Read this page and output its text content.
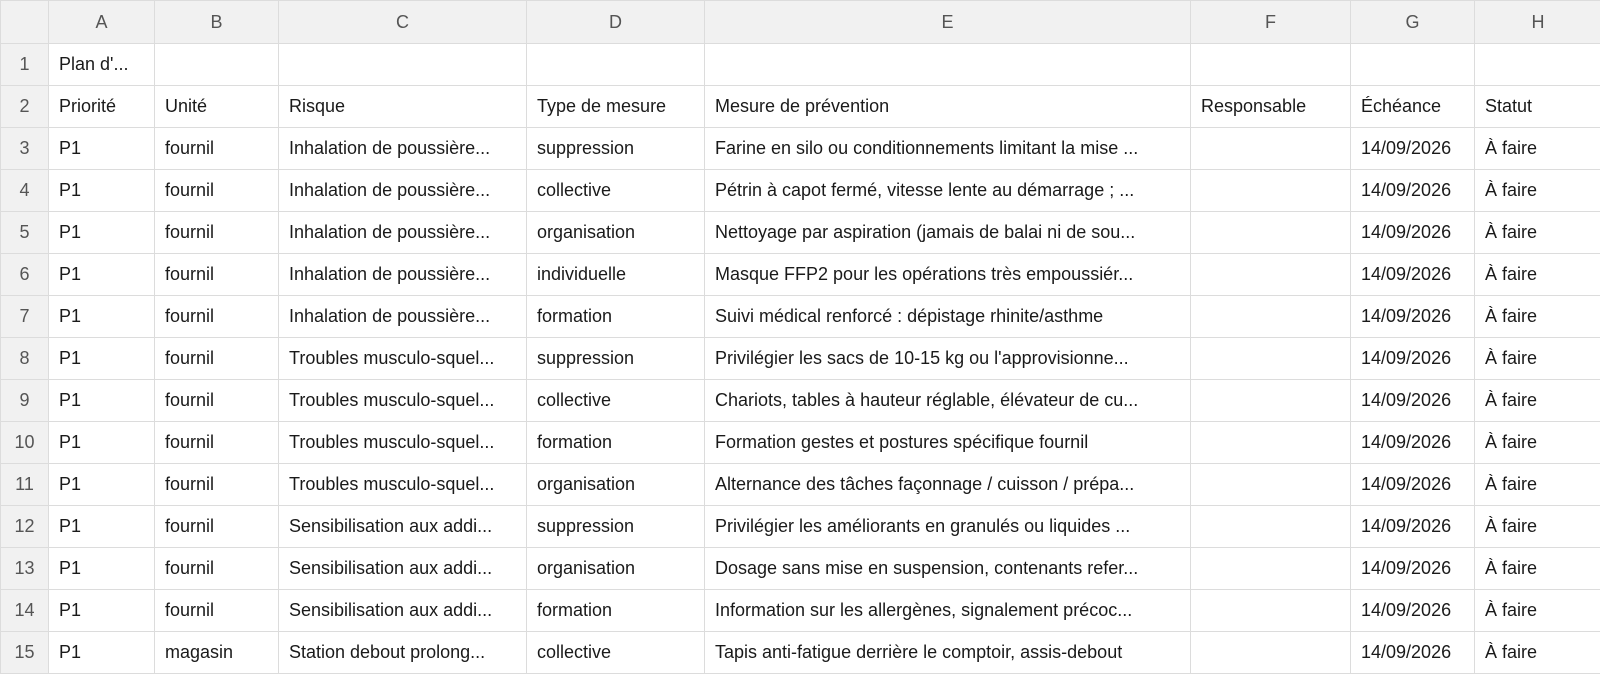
	A	B	C	D	E	F	G	H
1	Plan d'...							
2	Priorité	Unité	Risque	Type de mesure	Mesure de prévention	Responsable	Échéance	Statut
3	P1	fournil	Inhalation de poussière...	suppression	Farine en silo ou conditionnements limitant la mise ...		14/09/2026	À faire
4	P1	fournil	Inhalation de poussière...	collective	Pétrin à capot fermé, vitesse lente au démarrage ; ...		14/09/2026	À faire
5	P1	fournil	Inhalation de poussière...	organisation	Nettoyage par aspiration (jamais de balai ni de sou...		14/09/2026	À faire
6	P1	fournil	Inhalation de poussière...	individuelle	Masque FFP2 pour les opérations très empoussiér...		14/09/2026	À faire
7	P1	fournil	Inhalation de poussière...	formation	Suivi médical renforcé : dépistage rhinite/asthme		14/09/2026	À faire
8	P1	fournil	Troubles musculo-squel...	suppression	Privilégier les sacs de 10-15 kg ou l'approvisionne...		14/09/2026	À faire
9	P1	fournil	Troubles musculo-squel...	collective	Chariots, tables à hauteur réglable, élévateur de cu...		14/09/2026	À faire
10	P1	fournil	Troubles musculo-squel...	formation	Formation gestes et postures spécifique fournil		14/09/2026	À faire
11	P1	fournil	Troubles musculo-squel...	organisation	Alternance des tâches façonnage / cuisson / prépa...		14/09/2026	À faire
12	P1	fournil	Sensibilisation aux addi...	suppression	Privilégier les améliorants en granulés ou liquides ...		14/09/2026	À faire
13	P1	fournil	Sensibilisation aux addi...	organisation	Dosage sans mise en suspension, contenants refer...		14/09/2026	À faire
14	P1	fournil	Sensibilisation aux addi...	formation	Information sur les allergènes, signalement précoc...		14/09/2026	À faire
15	P1	magasin	Station debout prolong...	collective	Tapis anti-fatigue derrière le comptoir, assis-debout		14/09/2026	À faire
